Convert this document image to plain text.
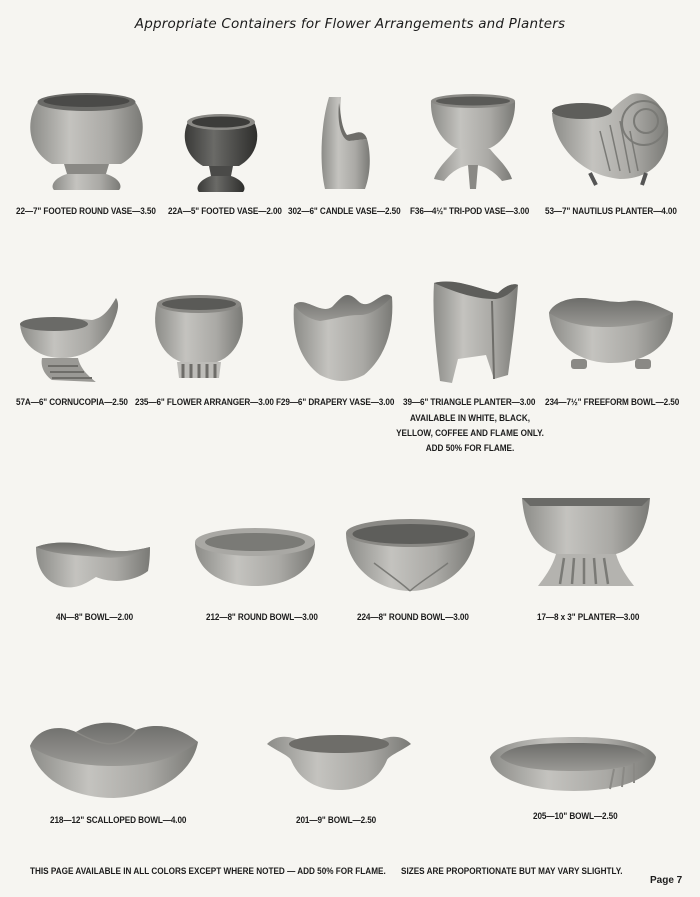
Appropriate Containers for Flower Arrangements and Planters
22—7" FOOTED ROUND VASE—3.50 22A—5" FOOTED VASE—2.00 302—6" CANDLE VASE—2.50 F36—4½" TRI-POD VASE—3.00 53—7" NAUTILUS PLANTER—4.00
57A—6" CORNUCOPIA—2.50 235—6" FLOWER ARRANGER—3.00 F29—6" DRAPERY VASE—3.00 39—6" TRIANGLE PLANTER—3.00 234—7½" FREEFORM BOWL—2.50
AVAILABLE IN WHITE, BLACK,
YELLOW, COFFEE AND FLAME ONLY.
ADD 50% FOR FLAME.
4N—8" BOWL—2.00	212—8" ROUND BOWL—3.00	224—8" ROUND BOWL—3.00	17—8 x 3" PLANTER—3.00
218—12" SCALLOPED BOWL—4.00	201—9" BOWL—2.50	205—10" BOWL—2.50
THIS PAGE AVAILABLE IN ALL COLORS EXCEPT WHERE NOTED — ADD 50% FOR FLAME. SIZES ARE PROPORTIONATE BUT MAY VARY SLIGHTLY.
Page 7
